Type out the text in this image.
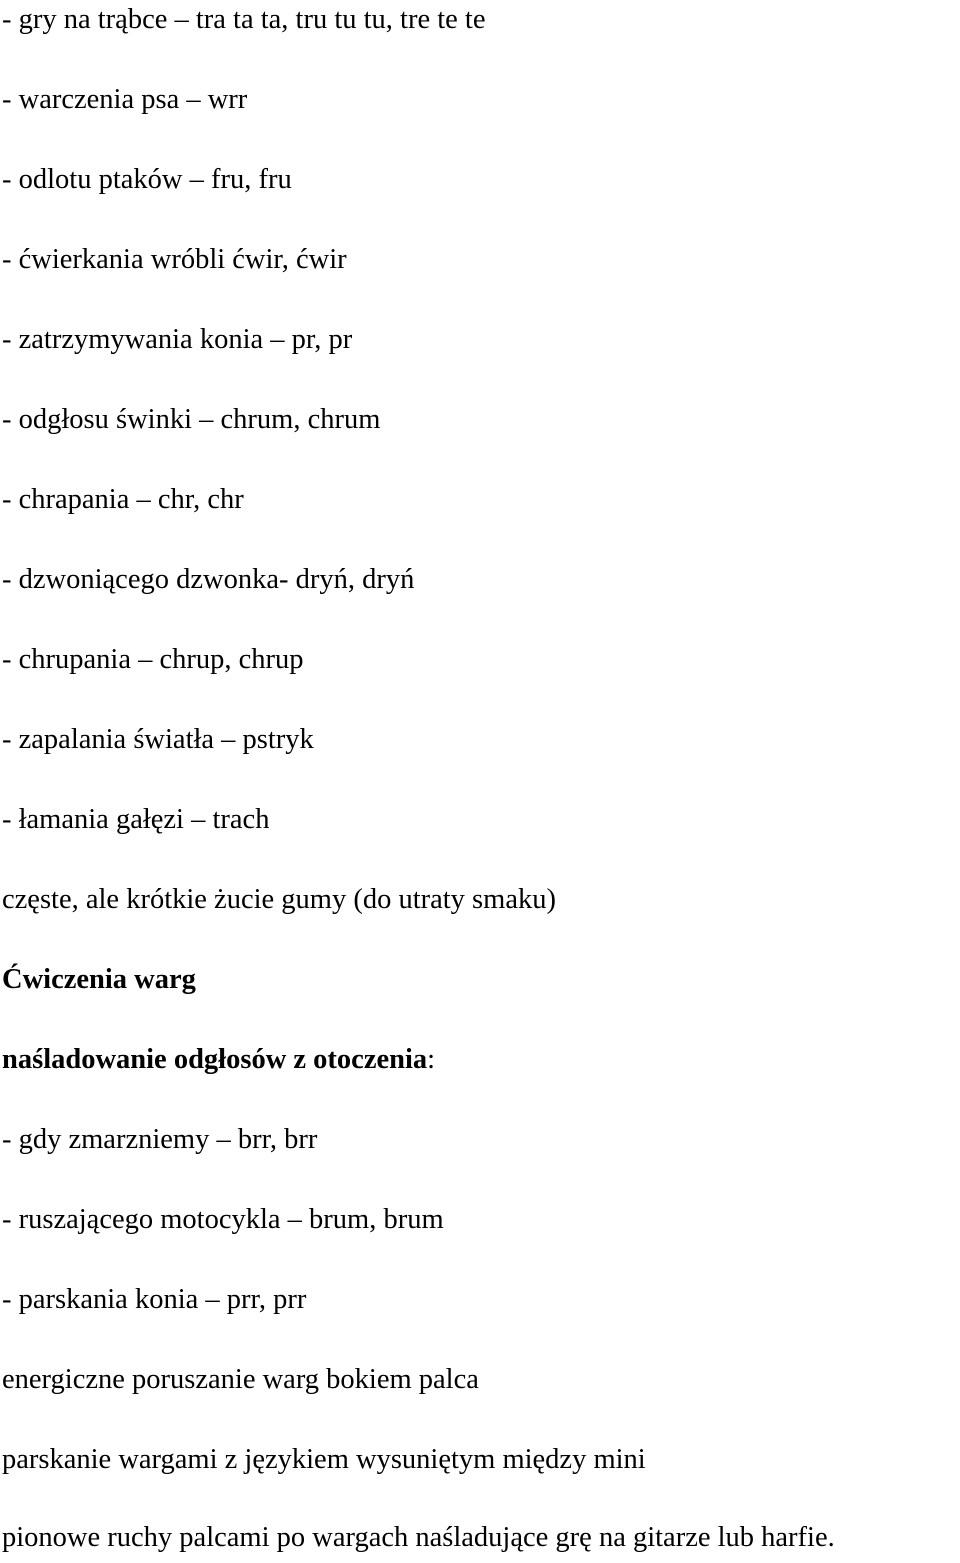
- gry na trąbce – tra ta ta, tru tu tu, tre te te

- warczenia psa – wrr

- odlotu ptaków – fru, fru

- ćwierkania wróbli ćwir, ćwir

- zatrzymywania konia – pr, pr

- odgłosu świnki – chrum, chrum

- chrapania – chr, chr

- dzwoniącego dzwonka- dryń, dryń

- chrupania – chrup, chrup

- zapalania światła – pstryk

- łamania gałęzi – trach

częste, ale krótkie żucie gumy (do utraty smaku)

Ćwiczenia warg

naśladowanie odgłosów z otoczenia:

- gdy zmarzniemy – brr, brr

- ruszającego motocykla – brum, brum

- parskania konia – prr, prr

energiczne poruszanie warg bokiem palca

parskanie wargami z językiem wysuniętym między mini

pionowe ruchy palcami po wargach naśladujące grę na gitarze lub harfie.
